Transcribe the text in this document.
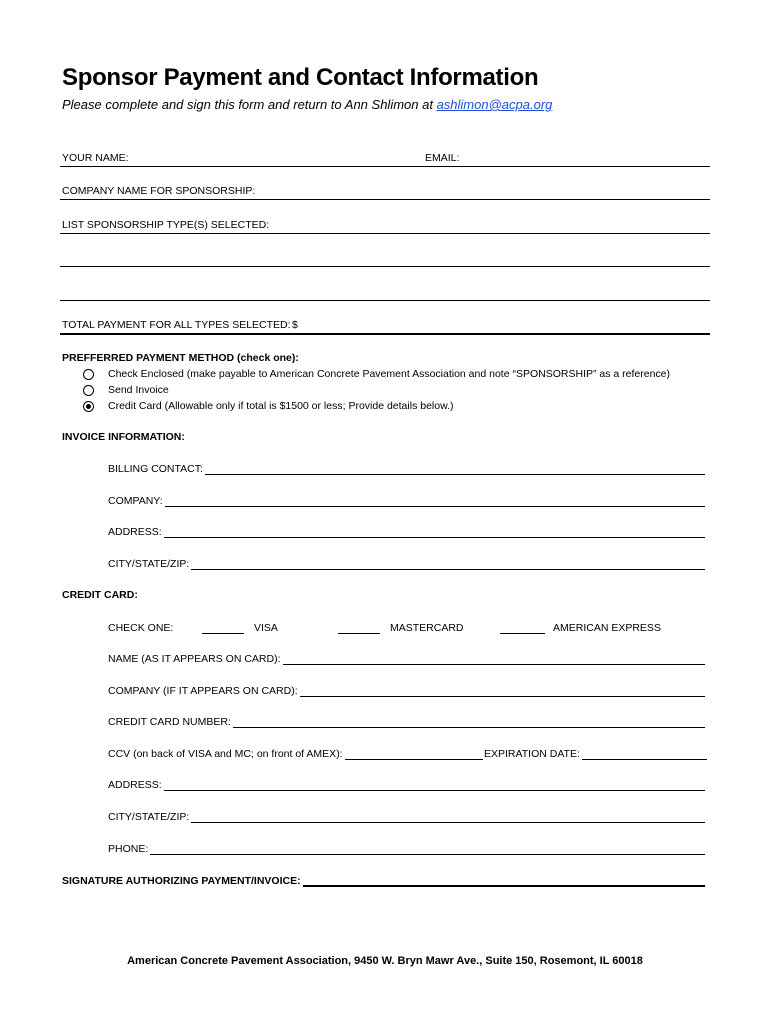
Sponsor Payment and Contact Information
Please complete and sign this form and return to Ann Shlimon at ashlimon@acpa.org
YOUR NAME:	EMAIL:
COMPANY NAME FOR SPONSORSHIP:
LIST SPONSORSHIP TYPE(S) SELECTED:
TOTAL PAYMENT FOR ALL TYPES SELECTED: $
PREFFERRED PAYMENT METHOD (check one):
Check Enclosed (make payable to American Concrete Pavement Association and note “SPONSORSHIP” as a reference)
Send Invoice
Credit Card (Allowable only if total is $1500 or less; Provide details below.)
INVOICE INFORMATION:
BILLING CONTACT:
COMPANY:
ADDRESS:
CITY/STATE/ZIP:
CREDIT CARD:
CHECK ONE:	VISA	MASTERCARD	AMERICAN EXPRESS
NAME (AS IT APPEARS ON CARD):
COMPANY (IF IT APPEARS ON CARD):
CREDIT CARD NUMBER:
CCV (on back of VISA and MC; on front of AMEX):	EXPIRATION DATE:
ADDRESS:
CITY/STATE/ZIP:
PHONE:
SIGNATURE AUTHORIZING PAYMENT/INVOICE:
American Concrete Pavement Association, 9450 W. Bryn Mawr Ave., Suite 150, Rosemont, IL 60018
